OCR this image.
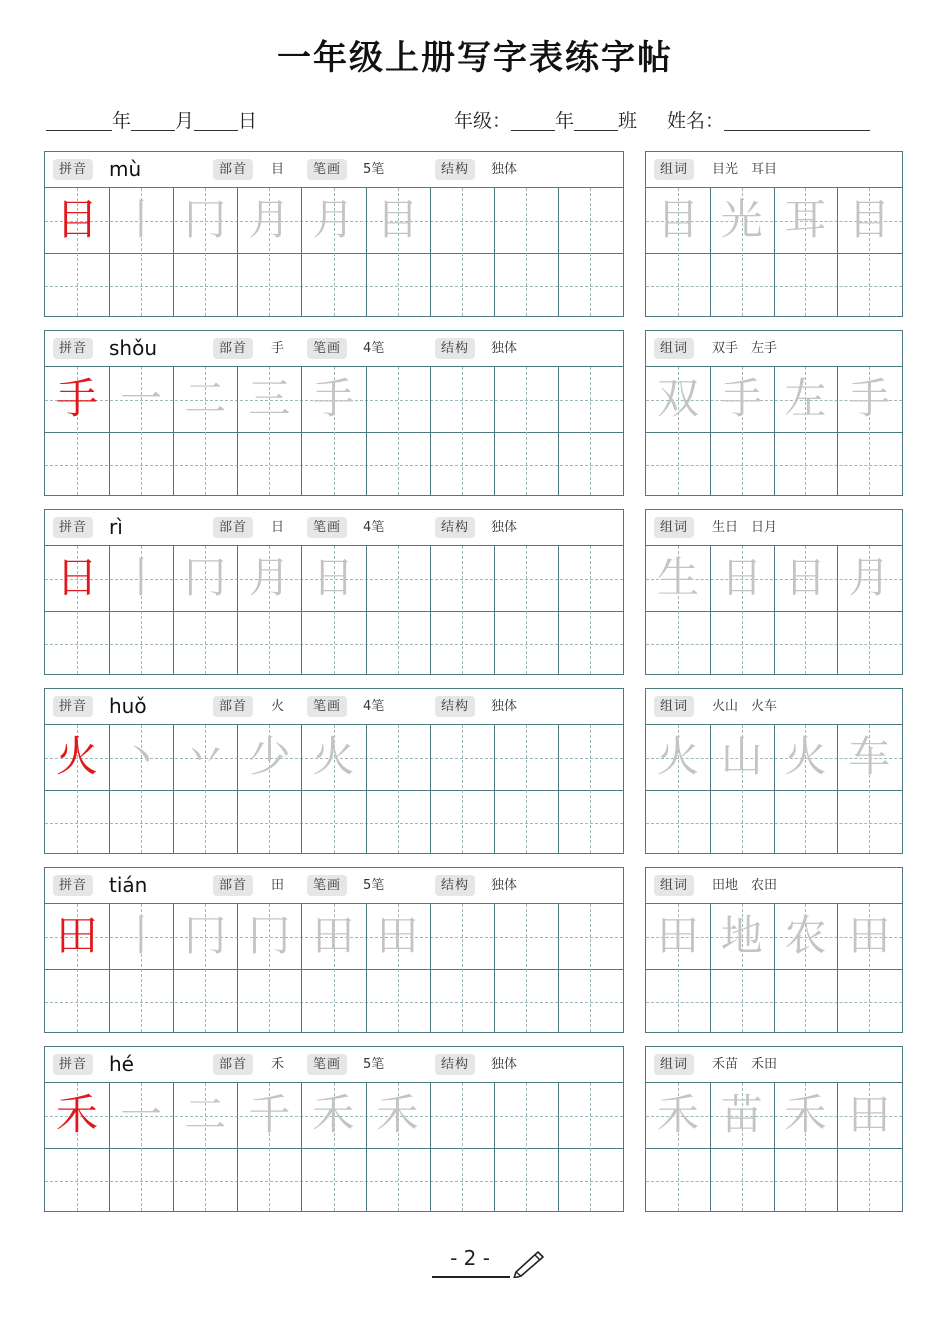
一年级上册写字表练字帖
年 月 日	年级： 年 班 姓名：
拼音	mù	部首	目	笔画	5笔	结构	独体
目 丨 冂 月 月 目
组词	目光　耳目
目 光 耳 目
拼音	shǒu	部首	手	笔画	4笔	结构	独体
手 一 二 三 手
组词	双手　左手
双 手 左 手
拼音	rì	部首	日	笔画	4笔	结构	独体
日 丨 冂 月 日
组词	生日　日月
生 日 日 月
拼音	huǒ	部首	火	笔画	4笔	结构	独体
火 丶 丷 少 火
组词	火山　火车
火 山 火 车
拼音	tián	部首	田	笔画	5笔	结构	独体
田 丨 冂 冂 田 田
组词	田地　农田
田 地 农 田
拼音	hé	部首	禾	笔画	5笔	结构	独体
禾 一 二 千 禾 禾
组词	禾苗　禾田
禾 苗 禾 田
- 2 -
